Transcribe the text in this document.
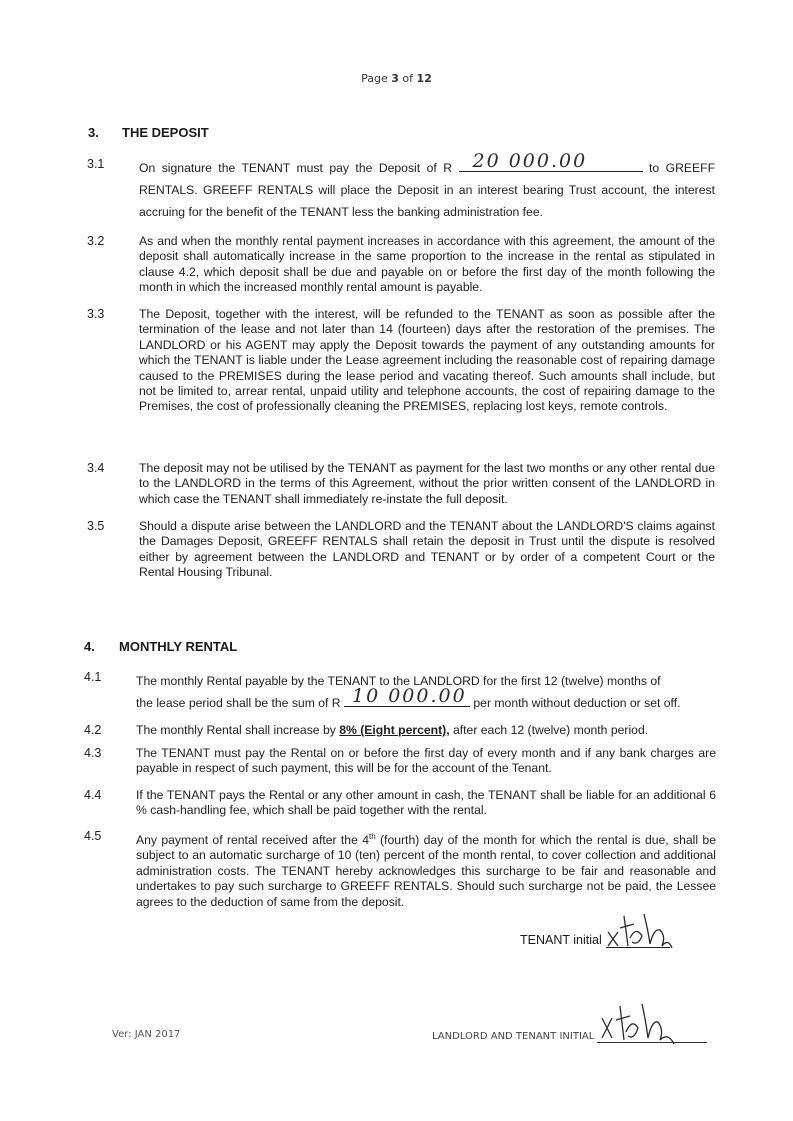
Page 3 of 12
3. THE DEPOSIT
3.1	On signature the TENANT must pay the Deposit of R 20 000.00	to GREEFF RENTALS. GREEFF RENTALS will place the Deposit in an interest bearing Trust account, the interest accruing for the benefit of the TENANT less the banking administration fee.
3.2	As and when the monthly rental payment increases in accordance with this agreement, the amount of the deposit shall automatically increase in the same proportion to the increase in the rental as stipulated in clause 4.2, which deposit shall be due and payable on or before the first day of the month following the month in which the increased monthly rental amount is payable.
3.3	The Deposit, together with the interest, will be refunded to the TENANT as soon as possible after the termination of the lease and not later than 14 (fourteen) days after the restoration of the premises. The LANDLORD or his AGENT may apply the Deposit towards the payment of any outstanding amounts for which the TENANT is liable under the Lease agreement including the reasonable cost of repairing damage caused to the PREMISES during the lease period and vacating thereof. Such amounts shall include, but not be limited to, arrear rental, unpaid utility and telephone accounts, the cost of repairing damage to the Premises, the cost of professionally cleaning the PREMISES, replacing lost keys, remote controls.
3.4	The deposit may not be utilised by the TENANT as payment for the last two months or any other rental due to the LANDLORD in the terms of this Agreement, without the prior written consent of the LANDLORD in which case the TENANT shall immediately re-instate the full deposit.
3.5	Should a dispute arise between the LANDLORD and the TENANT about the LANDLORD'S claims against the Damages Deposit, GREEFF RENTALS shall retain the deposit in Trust until the dispute is resolved either by agreement between the LANDLORD and TENANT or by order of a competent Court or the Rental Housing Tribunal.
4. MONTHLY RENTAL
4.1	The monthly Rental payable by the TENANT to the LANDLORD for the first 12 (twelve) months of
the lease period shall be the sum of R 10 000.00 per month without deduction or set off.
4.2	The monthly Rental shall increase by 8% (Eight percent), after each 12 (twelve) month period.
4.3	The TENANT must pay the Rental on or before the first day of every month and if any bank charges are payable in respect of such payment, this will be for the account of the Tenant.
4.4	If the TENANT pays the Rental or any other amount in cash, the TENANT shall be liable for an additional 6 % cash-handling fee, which shall be paid together with the rental.
4.5	Any payment of rental received after the 4th (fourth) day of the month for which the rental is due, shall be subject to an automatic surcharge of 10 (ten) percent of the month rental, to cover collection and additional administration costs. The TENANT hereby acknowledges this surcharge to be fair and reasonable and undertakes to pay such surcharge to GREEFF RENTALS. Should such surcharge not be paid, the Lessee agrees to the deduction of same from the deposit.
TENANT initial
Ver: JAN 2017	LANDLORD AND TENANT INITIAL
